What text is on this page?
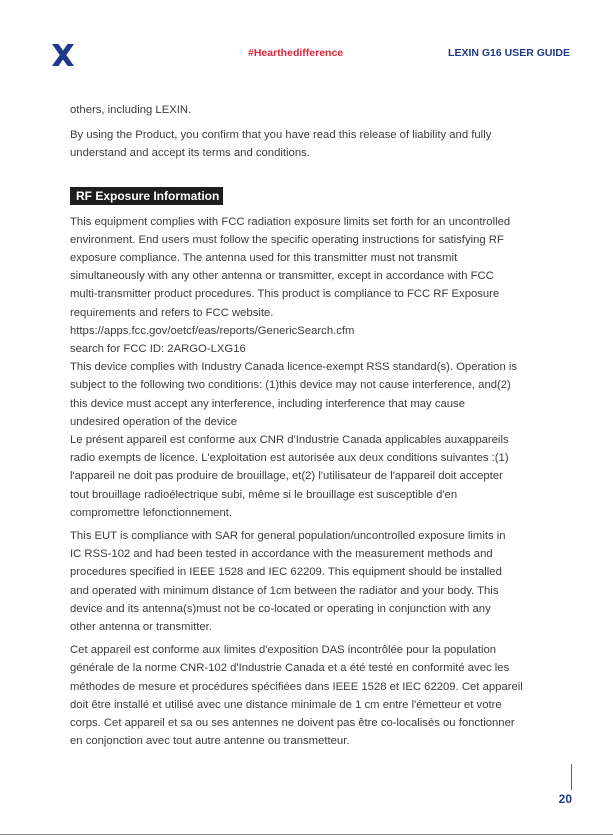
#Hearthedifference	LEXIN G16 USER GUIDE

others, including LEXIN.

By using the Product, you confirm that you have read this release of liability and fully
understand and accept its terms and conditions.

RF Exposure Information

This equipment complies with FCC radiation exposure limits set forth for an uncontrolled
environment. End users must follow the specific operating instructions for satisfying RF
exposure compliance. The antenna used for this transmitter must not transmit
simultaneously with any other antenna or transmitter, except in accordance with FCC
multi-transmitter product procedures. This product is compliance to FCC RF Exposure
requirements and refers to FCC website.
https://apps.fcc.gov/oetcf/eas/reports/GenericSearch.cfm
search for FCC ID: 2ARGO-LXG16
This device complies with Industry Canada licence-exempt RSS standard(s). Operation is
subject to the following two conditions: (1)this device may not cause interference, and(2)
this device must accept any interference, including interference that may cause
undesired operation of the device
Le présent appareil est conforme aux CNR d'Industrie Canada applicables auxappareils
radio exempts de licence. L'exploitation est autorisée aux deux conditions suivantes :(1)
l'appareil ne doit pas produire de brouillage, et(2) l'utilisateur de l'appareil doit accepter
tout brouillage radioélectrique subi, même si le brouillage est susceptible d'en
compromettre lefonctionnement.

This EUT is compliance with SAR for general population/uncontrolled exposure limits in
IC RSS-102 and had been tested in accordance with the measurement methods and
procedures specified in IEEE 1528 and IEC 62209. This equipment should be installed
and operated with minimum distance of 1cm between the radiator and your body. This
device and its antenna(s)must not be co-located or operating in conjunction with any
other antenna or transmitter.

Cet appareil est conforme aux limites d'exposition DAS incontrôlée pour la population
générale de la norme CNR-102 d'Industrie Canada et a été testé en conformité avec les
méthodes de mesure et procédures spécifiées dans IEEE 1528 et IEC 62209. Cet appareil
doit être installé et utilisé avec une distance minimale de 1 cm entre l'émetteur et votre
corps. Cet appareil et sa ou ses antennes ne doivent pas être co-localisés ou fonctionner
en conjonction avec tout autre antenne ou transmetteur.

20
